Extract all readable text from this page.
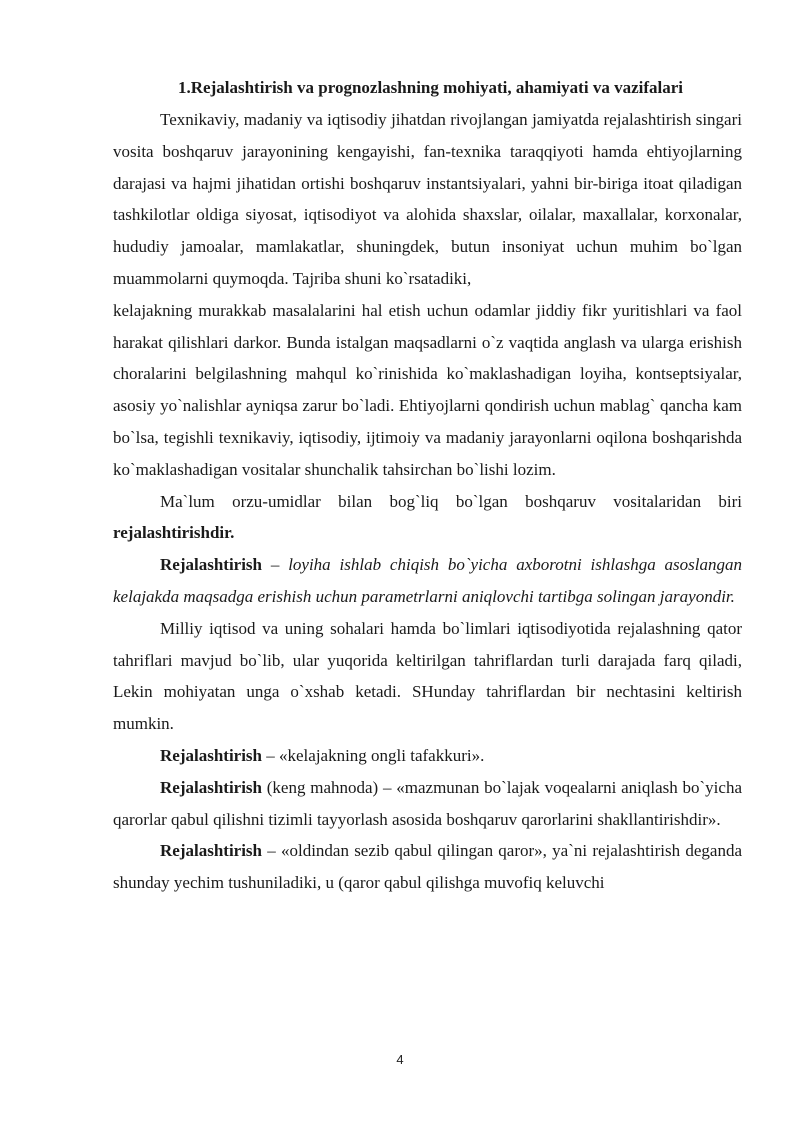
1.Rejalashtirish va prognozlashning mohiyati, ahamiyati va vazifalari

Texnikaviy, madaniy va iqtisodiy jihatdan rivojlangan jamiyatda rejalashtirish singari vosita boshqaruv jarayonining kengayishi, fan-texnika taraqqiyoti hamda ehtiyojlarning darajasi va hajmi jihatidan ortishi boshqaruv instantsiyalari, yahni bir-biriga itoat qiladigan tashkilotlar oldiga siyosat, iqtisodiyot va alohida shaxslar, oilalar, maxallalar, korxonalar, hududiy jamoalar, mamlakatlar, shuningdek, butun insoniyat uchun muhim bo`lgan muammolarni quymoqda. Tajriba shuni ko`rsatadiki,

kelajakning murakkab masalalarini hal etish uchun odamlar jiddiy fikr yuritishlari va faol harakat qilishlari darkor. Bunda istalgan maqsadlarni o`z vaqtida anglash va ularga erishish choralarini belgilashning mahqul ko`rinishida ko`maklashadigan loyiha, kontseptsiyalar, asosiy yo`nalishlar ayniqsa zarur bo`ladi. Ehtiyojlarni qondirish uchun mablag` qancha kam bo`lsa, tegishli texnikaviy, iqtisodiy, ijtimoiy va madaniy jarayonlarni oqilona boshqarishda ko`maklashadigan vositalar shunchalik tahsirchan bo`lishi lozim.

Ma`lum orzu-umidlar bilan bog`liq bo`lgan boshqaruv vositalaridan biri rejalashtirishdir.

Rejalashtirish – loyiha ishlab chiqish bo`yicha axborotni ishlashga asoslangan kelajakda maqsadga erishish uchun parametrlarni aniqlovchi tartibga solingan jarayondir.

Milliy iqtisod va uning sohalari hamda bo`limlari iqtisodiyotida rejalashning qator tahriflari mavjud bo`lib, ular yuqorida keltirilgan tahriflardan turli darajada farq qiladi, Lekin mohiyatan unga o`xshab ketadi. SHunday tahriflardan bir nechtasini keltirish mumkin.

Rejalashtirish – «kelajakning ongli tafakkuri».

Rejalashtirish (keng mahnoda) – «mazmunan bo`lajak voqealarni aniqlash bo`yicha qarorlar qabul qilishni tizimli tayyorlash asosida boshqaruv qarorlarini shakllantirishdir».

Rejalashtirish – «oldindan sezib qabul qilingan qaror», ya`ni rejalashtirish deganda shunday yechim tushuniladiki, u (qaror qabul qilishga muvofiq keluvchi

4
